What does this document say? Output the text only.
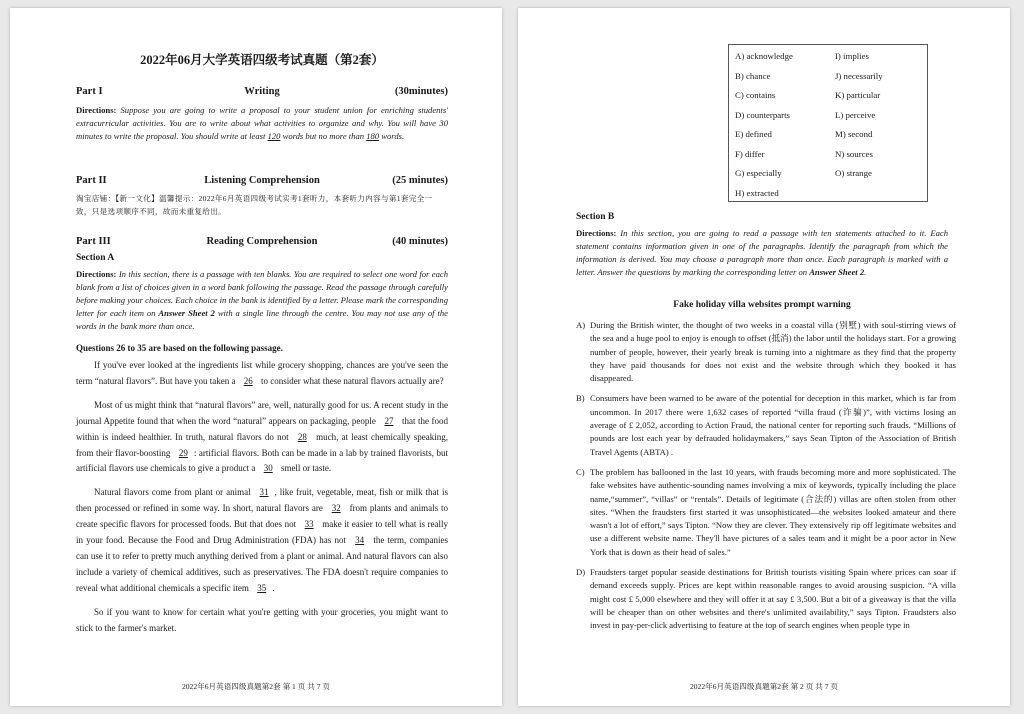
2022年06月大学英语四级考试真题（第2套）
Part I	Writing	(30minutes)
Directions: Suppose you are going to write a proposal to your student union for enriching students' extracurricular activities. You are to write about what activities to organize and why. You will have 30 minutes to write the proposal. You should write at least 120 words but no more than 180 words.
Part II	Listening Comprehension	(25 minutes)
淘宝店铺：【新一文化】温馨提示：2022年6月英语四级考试实考1套听力，本套听力内容与第1套完全一致，只是选项顺序不同，故而未重复给出。
Part III	Reading Comprehension	(40 minutes)
Section A
Directions: In this section, there is a passage with ten blanks. You are required to select one word for each blank from a list of choices given in a word bank following the passage. Read the passage through carefully before making your choices. Each choice in the bank is identified by a letter. Please mark the corresponding letter for each item on Answer Sheet 2 with a single line through the centre. You may not use any of the words in the bank more than once.
Questions 26 to 35 are based on the following passage.

If you've ever looked at the ingredients list while grocery shopping, chances are you've seen the term “natural flavors”. But have you taken a 26 to consider what these natural flavors actually are?

Most of us might think that “natural flavors” are, well, naturally good for us. A recent study in the journal Appetite found that when the word “natural” appears on packaging, people 27 that the food within is indeed healthier. In truth, natural flavors do not 28 much, at least chemically speaking, from their flavor-boosting 29 : artificial flavors. Both can be made in a lab by trained flavorists, but artificial flavors use chemicals to give a product a 30 smell or taste.

Natural flavors come from plant or animal 31 , like fruit, vegetable, meat, fish or milk that is then processed or refined in some way. In short, natural flavors are 32 from plants and animals to create specific flavors for processed foods. But that does not 33 make it easier to tell what is really in your food. Because the Food and Drug Administration (FDA) has not 34 the term, companies can use it to refer to pretty much anything derived from a plant or animal. And natural flavors can also include a variety of chemical additives, such as preservatives. The FDA doesn't require companies to reveal what additional chemicals a specific item 35 .

So if you want to know for certain what you're getting with your groceries, you might want to stick to the farmer's market.

2022年6月英语四级真题第2套 第 1 页 共 7 页
A) acknowledge	I) implies
B) chance	J) necessarily
C) contains	K) particular
D) counterparts	L) perceive
E) defined	M) second
F) differ	N) sources
G) especially	O) strange
H) extracted
Section B
Directions: In this section, you are going to read a passage with ten statements attached to it. Each statement contains information given in one of the paragraphs. Identify the paragraph from which the information is derived. You may choose a paragraph more than once. Each paragraph is marked with a letter. Answer the questions by marking the corresponding letter on Answer Sheet 2.
Fake holiday villa websites prompt warning
A) During the British winter, the thought of two weeks in a coastal villa (别墅) with soul-stirring views of the sea and a huge pool to enjoy is enough to offset (抵消) the labor until the holidays start. For a growing number of people, however, their yearly break is turning into a nightmare as they find that the property they have paid thousands for does not exist and the website through which they booked it has disappeared.
B) Consumers have been warned to be aware of the potential for deception in this market, which is far from uncommon. In 2017 there were 1,632 cases of reported “villa fraud (诈骗)”, with victims losing an average of £ 2,052, according to Action Fraud, the national center for reporting such frauds. “Millions of pounds are lost each year by defrauded holidaymakers,” says Sean Tipton of the Association of British Travel Agents (ABTA) .
C) The problem has ballooned in the last 10 years, with frauds becoming more and more sophisticated. The fake websites have authentic-sounding names involving a mix of keywords, typically including the place name,“summer”, “villas” or “rentals”. Details of legitimate (合法的) villas are often stolen from other sites. “When the fraudsters first started it was unsophisticated—the websites looked amateur and there wasn't a lot of effort,” says Tipton. “Now they are clever. They extensively rip off legitimate websites and use a different website name. They'll have pictures of a sales team and it might be a poor actor in New York that is down as their head of sales.”
D) Fraudsters target popular seaside destinations for British tourists visiting Spain where prices can soar if demand exceeds supply. Prices are kept within reasonable ranges to avoid arousing suspicion. “A villa might cost £ 5,000 elsewhere and they will offer it at say £ 3,500. But a bit of a giveaway is that the villa will be cheaper than on other websites and there's unlimited availability,” says Tipton. Fraudsters also invest in pay-per-click advertising to feature at the top of search engines when people type in
2022年6月英语四级真题第2套 第 2 页 共 7 页
